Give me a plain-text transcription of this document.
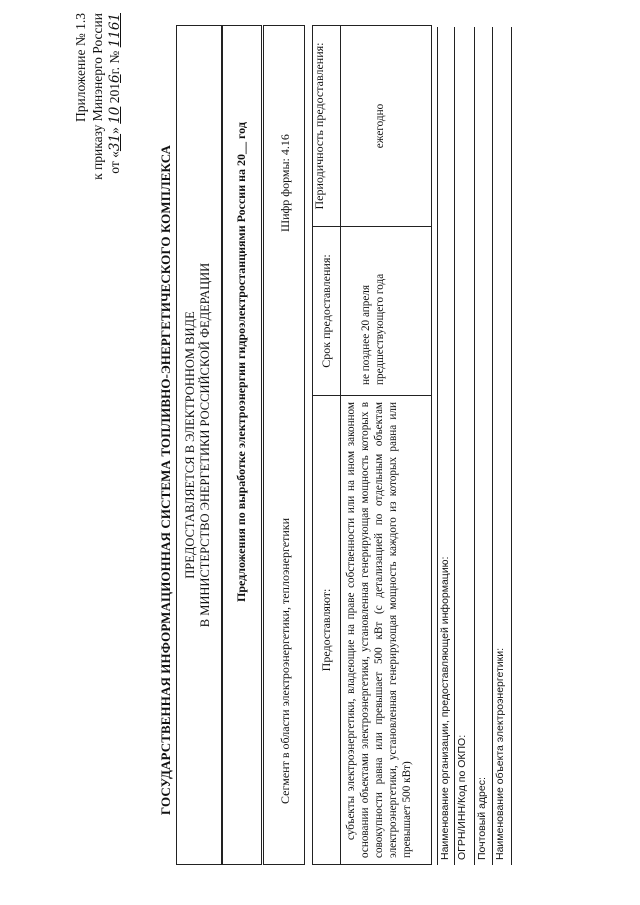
Приложение № 1.3 к приказу Минэнерго России от «31» 10 2016г. № 1161
ГОСУДАРСТВЕННАЯ ИНФОРМАЦИОННАЯ СИСТЕМА ТОПЛИВНО-ЭНЕРГЕТИЧЕСКОГО КОМПЛЕКСА ПРЕДОСТАВЛЯЕТСЯ В ЭЛЕКТРОННОМ ВИДЕ В МИНИСТЕРСТВО ЭНЕРГЕТИКИ РОССИЙСКОЙ ФЕДЕРАЦИИ Предложения по выработке электроэнергии гидроэлектростанциями России на 20__ год
Сегмент в области электроэнергетики, теплоэнергетики
Шифр формы: 4.16
Предоставляют:	субъекты электроэнергетики, владеющие на праве собственности или на ином законном основании объектами электроэнергетики, установленная генерирующая мощность которых в совокупности равна или превышает 500 кВт (с детализацией по отдельным объектам электроэнергетики, установленная генерирующая мощность каждого из которых равна или превышает 500 кВт)
Срок предоставления:	не позднее 20 апреля предшествующего года
Периодичность предоставления:	ежегодно
Наименование организации, предоставляющей информацию: ОГРН/ИНН/Код по ОКПО: Почтовый адрес: Наименование объекта электроэнергетики:
